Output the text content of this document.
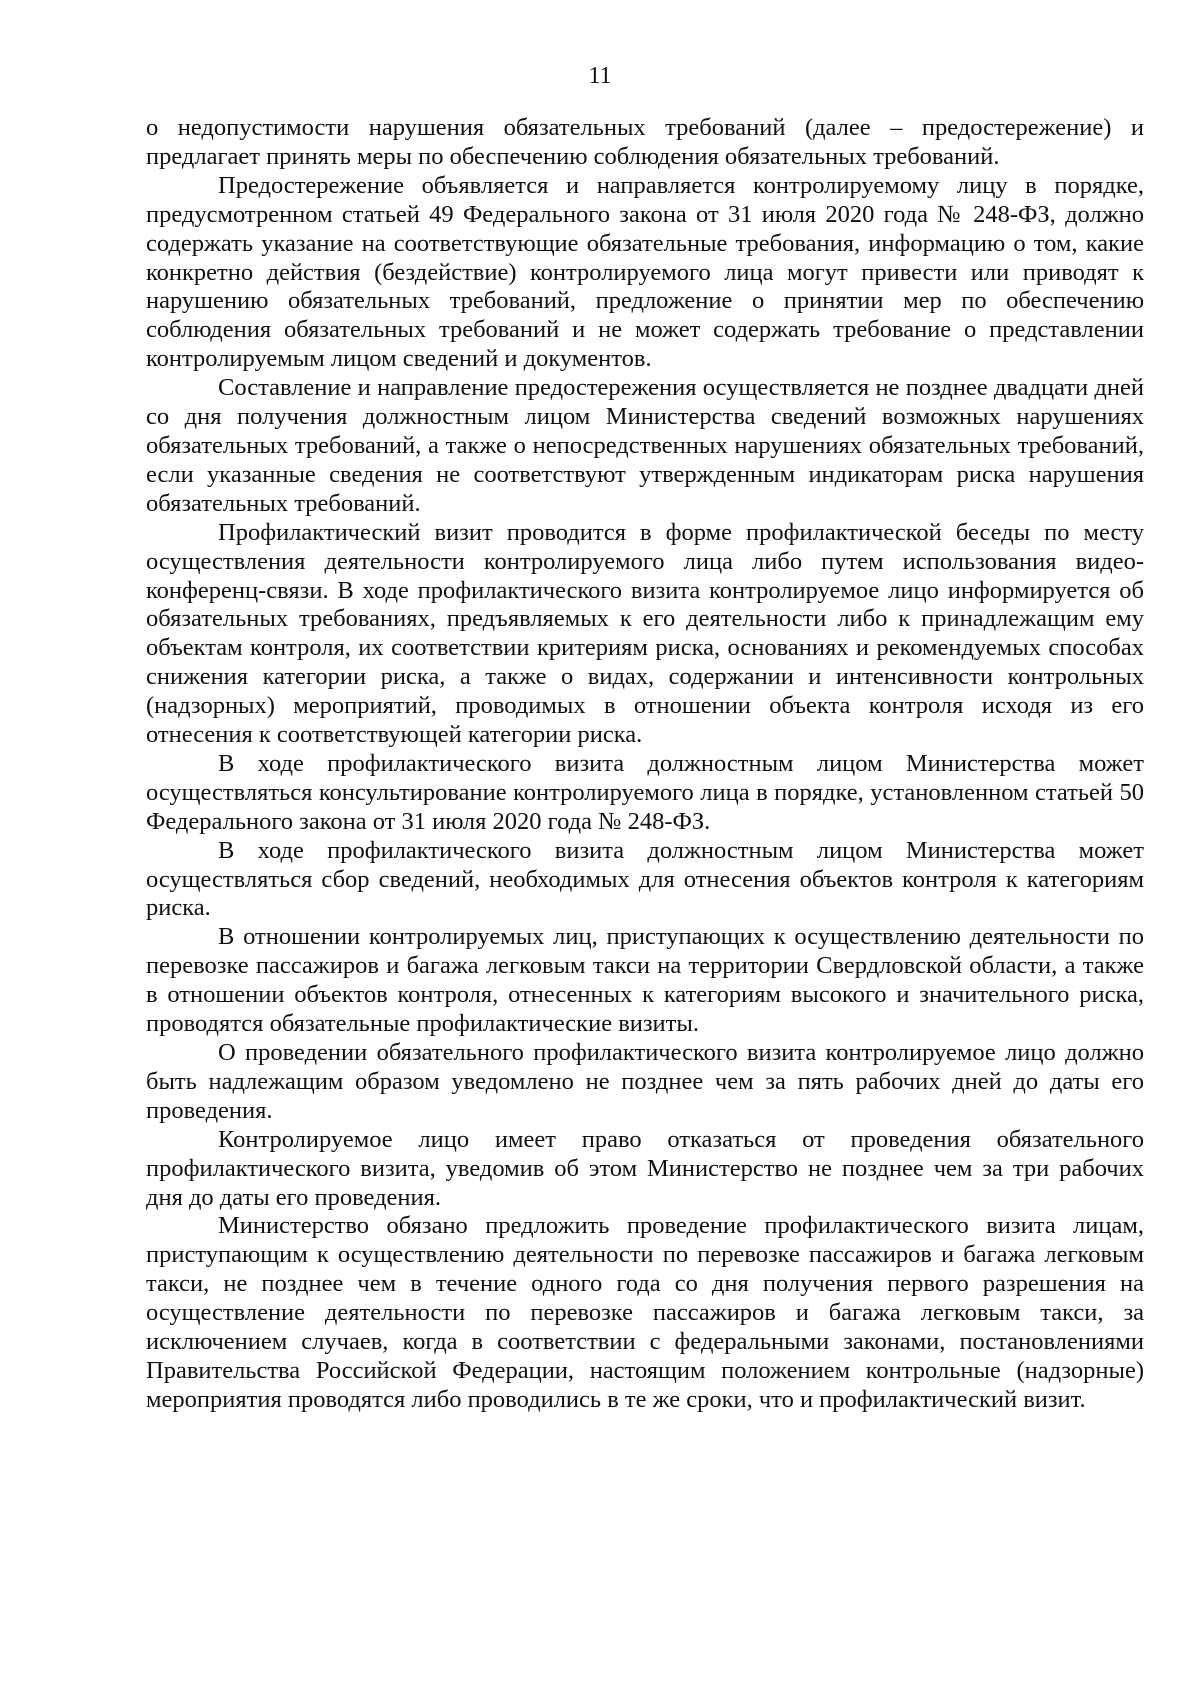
11

о недопустимости нарушения обязательных требований (далее – предостережение) и предлагает принять меры по обеспечению соблюдения обязательных требований.

Предостережение объявляется и направляется контролируемому лицу в порядке, предусмотренном статьей 49 Федерального закона от 31 июля 2020 года № 248-ФЗ, должно содержать указание на соответствующие обязательные требования, информацию о том, какие конкретно действия (бездействие) контролируемого лица могут привести или приводят к нарушению обязательных требований, предложение о принятии мер по обеспечению соблюдения обязательных требований и не может содержать требование о представлении контролируемым лицом сведений и документов.

Составление и направление предостережения осуществляется не позднее двадцати дней со дня получения должностным лицом Министерства сведений возможных нарушениях обязательных требований, а также о непосредственных нарушениях обязательных требований, если указанные сведения не соответствуют утвержденным индикаторам риска нарушения обязательных требований.

Профилактический визит проводится в форме профилактической беседы по месту осуществления деятельности контролируемого лица либо путем использования видео-конференц-связи. В ходе профилактического визита контролируемое лицо информируется об обязательных требованиях, предъявляемых к его деятельности либо к принадлежащим ему объектам контроля, их соответствии критериям риска, основаниях и рекомендуемых способах снижения категории риска, а также о видах, содержании и интенсивности контрольных (надзорных) мероприятий, проводимых в отношении объекта контроля исходя из его отнесения к соответствующей категории риска.

В ходе профилактического визита должностным лицом Министерства может осуществляться консультирование контролируемого лица в порядке, установленном статьей 50 Федерального закона от 31 июля 2020 года № 248-ФЗ.

В ходе профилактического визита должностным лицом Министерства может осуществляться сбор сведений, необходимых для отнесения объектов контроля к категориям риска.

В отношении контролируемых лиц, приступающих к осуществлению деятельности по перевозке пассажиров и багажа легковым такси на территории Свердловской области, а также в отношении объектов контроля, отнесенных к категориям высокого и значительного риска, проводятся обязательные профилактические визиты.

О проведении обязательного профилактического визита контролируемое лицо должно быть надлежащим образом уведомлено не позднее чем за пять рабочих дней до даты его проведения.

Контролируемое лицо имеет право отказаться от проведения обязательного профилактического визита, уведомив об этом Министерство не позднее чем за три рабочих дня до даты его проведения.

Министерство обязано предложить проведение профилактического визита лицам, приступающим к осуществлению деятельности по перевозке пассажиров и багажа легковым такси, не позднее чем в течение одного года со дня получения первого разрешения на осуществление деятельности по перевозке пассажиров и багажа легковым такси, за исключением случаев, когда в соответствии с федеральными законами, постановлениями Правительства Российской Федерации, настоящим положением контрольные (надзорные) мероприятия проводятся либо проводились в те же сроки, что и профилактический визит.
